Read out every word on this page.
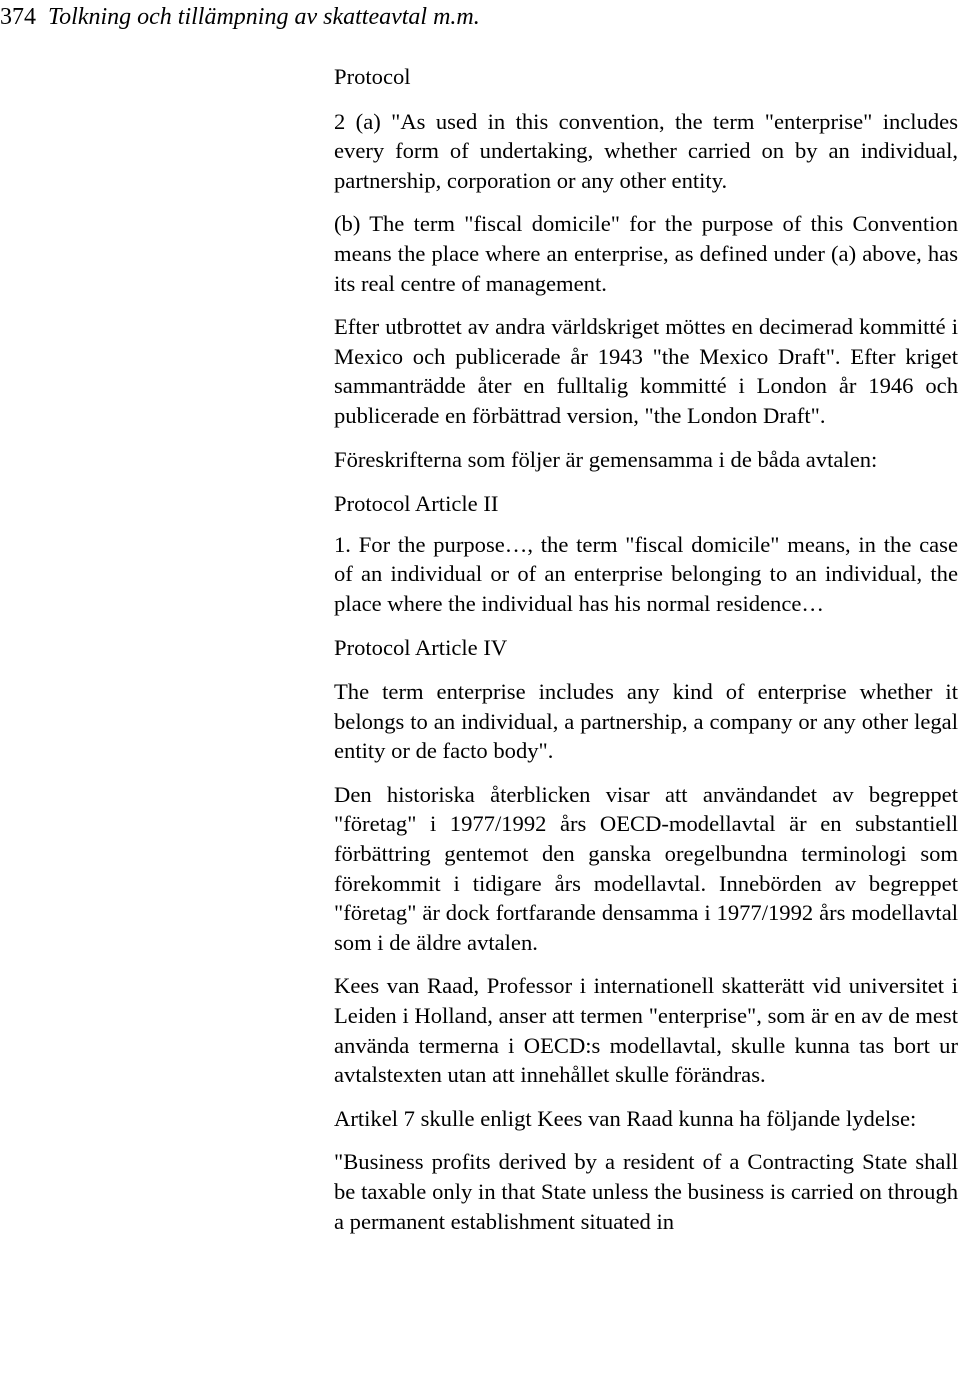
374 Tolkning och tillämpning av skatteavtal m.m.

Protocol

2 (a) "As used in this convention, the term "enterprise" includes every form of undertaking, whether carried on by an individual, partnership, corporation or any other entity.

(b) The term "fiscal domicile" for the purpose of this Convention means the place where an enterprise, as defined under (a) above, has its real centre of management.

Efter utbrottet av andra världskriget möttes en decimerad kommitté i Mexico och publicerade år 1943 "the Mexico Draft". Efter kriget sammanträdde åter en fulltalig kommitté i London år 1946 och publicerade en förbättrad version, "the London Draft".

Föreskrifterna som följer är gemensamma i de båda avtalen:

Protocol Article II

1. For the purpose…, the term "fiscal domicile" means, in the case of an individual or of an enterprise belonging to an individual, the place where the individual has his normal residence…

Protocol Article IV

The term enterprise includes any kind of enterprise whether it belongs to an individual, a partnership, a company or any other legal entity or de facto body".

Den historiska återblicken visar att användandet av begreppet "företag" i 1977/1992 års OECD-modellavtal är en substantiell förbättring gentemot den ganska oregelbundna terminologi som förekommit i tidigare års modellavtal. Innebörden av begreppet "företag" är dock fortfarande densamma i 1977/1992 års modellavtal som i de äldre avtalen.

Kees van Raad, Professor i internationell skatterätt vid universitet i Leiden i Holland, anser att termen "enterprise", som är en av de mest använda termerna i OECD:s modellavtal, skulle kunna tas bort ur avtalstexten utan att innehållet skulle förändras.

Artikel 7 skulle enligt Kees van Raad kunna ha följande lydelse:

"Business profits derived by a resident of a Contracting State shall be taxable only in that State unless the business is carried on through a permanent establishment situated in
